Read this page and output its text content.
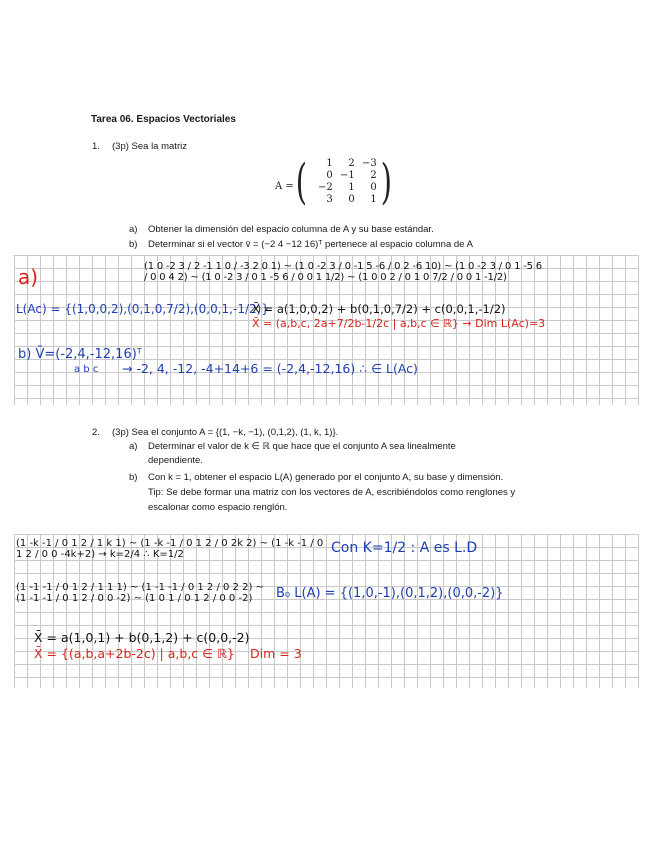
Tarea 06. Espacios Vectoriales
1. (3p) Sea la matriz
A = (	1	2 −3
0 −1	2
−2	1	0
3	0	1 )
a) Obtener la dimensión del espacio columna de A y su base estándar.
b) Determinar si el vector v̄ = (−2 4 −12 16)ᵀ pertenece al espacio columna de A
a)	(1 0 -2 3 / 2 -1 1 0 / -3 2 0 1) ~ (1 0 -2 3 / 0 -1 5 -6 / 0 2 -6 10) ~ (1 0 -2 3 / 0 1 -5 6 / 0 0 4 2) ~ (1 0 -2 3 / 0 1 -5 6 / 0 0 1 1/2) ~ (1 0 0 2 / 0 1 0 7/2 / 0 0 1 -1/2)
L(Ac) = {(1,0,0,2),(0,1,0,7/2),(0,0,1,-1/2)}
X̄ = a(1,0,0,2) + b(0,1,0,7/2) + c(0,0,1,-1/2)
X̄ = (a,b,c, 2a+7/2b-1/2c | a,b,c ∈ ℝ} → Dim L(Ac)=3
b) V̄=(-2,4,-12,16)ᵀ
a b c → -2, 4, -12, -4+14+6 = (-2,4,-12,16) ∴ ∈ L(Ac)
2. (3p) Sea el conjunto A = {(1, −k, −1), (0,1,2), (1, k, 1)}.
a) Determinar el valor de k ∈ ℝ que hace que el conjunto A sea linealmente
dependiente.
b) Con k = 1, obtener el espacio L(A) generado por el conjunto A, su base y dimensión.
Tip: Se debe formar una matriz con los vectores de A, escribiéndolos como renglones y
escalonar como espacio renglón.
(1 -k -1 / 0 1 2 / 1 k 1) ~ (1 -k -1 / 0 1 2 / 0 2k 2) ~ (1 -k -1 / 0 1 2 / 0 0 -4k+2) → k=2/4 ∴ K=1/2	Con K=1/2 : A es L.D
(1 -1 -1 / 0 1 2 / 1 1 1) ~ (1 -1 -1 / 0 1 2 / 0 2 2) ~ (1 -1 -1 / 0 1 2 / 0 0 -2) ~ (1 0 1 / 0 1 2 / 0 0 -2)	B₀ L(A) = {(1,0,-1),(0,1,2),(0,0,-2)}
X̄ = a(1,0,1) + b(0,1,2) + c(0,0,-2)
X̄ = {(a,b,a+2b-2c) | a,b,c ∈ ℝ} Dim = 3
